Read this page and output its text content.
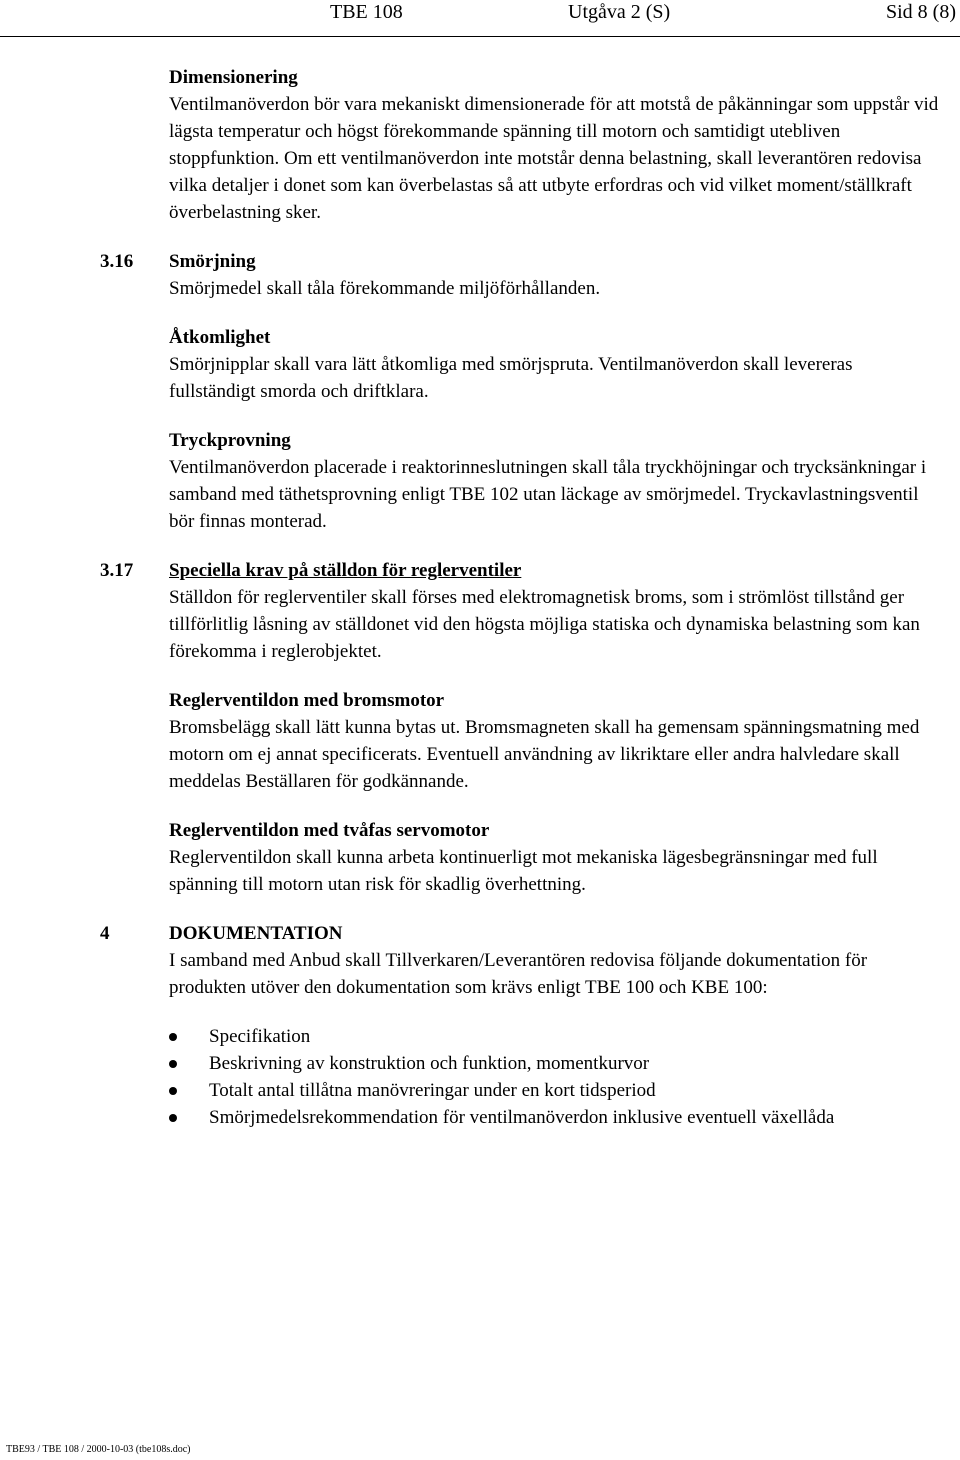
TBE 108	Utgåva 2 (S)	Sid 8 (8)

Dimensionering

Ventilmanöverdon bör vara mekaniskt dimensionerade för att motstå de påkänningar som uppstår vid lägsta temperatur och högst förekommande spänning till motorn och samtidigt utebliven stoppfunktion. Om ett ventilmanöverdon inte motstår denna belastning, skall leverantören redovisa vilka detaljer i donet som kan överbelastas så att utbyte erfordras och vid vilket moment/ställkraft överbelastning sker.

3.16 Smörjning

Smörjmedel skall tåla förekommande miljöförhållanden.

Åtkomlighet

Smörjnipplar skall vara lätt åtkomliga med smörjspruta. Ventilmanöverdon skall levereras fullständigt smorda och driftklara.

Tryckprovning

Ventilmanöverdon placerade i reaktorinneslutningen skall tåla tryckhöjningar och trycksänkningar i samband med täthetsprovning enligt TBE 102 utan läckage av smörjmedel. Tryckavlastningsventil bör finnas monterad.

3.17 Speciella krav på ställdon för reglerventiler

Ställdon för reglerventiler skall förses med elektromagnetisk broms, som i strömlöst tillstånd ger tillförlitlig låsning av ställdonet vid den högsta möjliga statiska och dynamiska belastning som kan förekomma i reglerobjektet.

Reglerventildon med bromsmotor

Bromsbelägg skall lätt kunna bytas ut. Bromsmagneten skall ha gemensam spänningsmatning med motorn om ej annat specificerats. Eventuell användning av likriktare eller andra halvledare skall meddelas Beställaren för godkännande.

Reglerventildon med tvåfas servomotor

Reglerventildon skall kunna arbeta kontinuerligt mot mekaniska lägesbegränsningar med full spänning till motorn utan risk för skadlig överhettning.

4	DOKUMENTATION

I samband med Anbud skall Tillverkaren/Leverantören redovisa följande dokumentation för produkten utöver den dokumentation som krävs enligt TBE 100 och KBE 100:

Specifikation
Beskrivning av konstruktion och funktion, momentkurvor
Totalt antal tillåtna manövreringar under en kort tidsperiod
Smörjmedelsrekommendation för ventilmanöverdon inklusive eventuell växellåda
TBE93 / TBE 108 / 2000-10-03 (tbe108s.doc)
